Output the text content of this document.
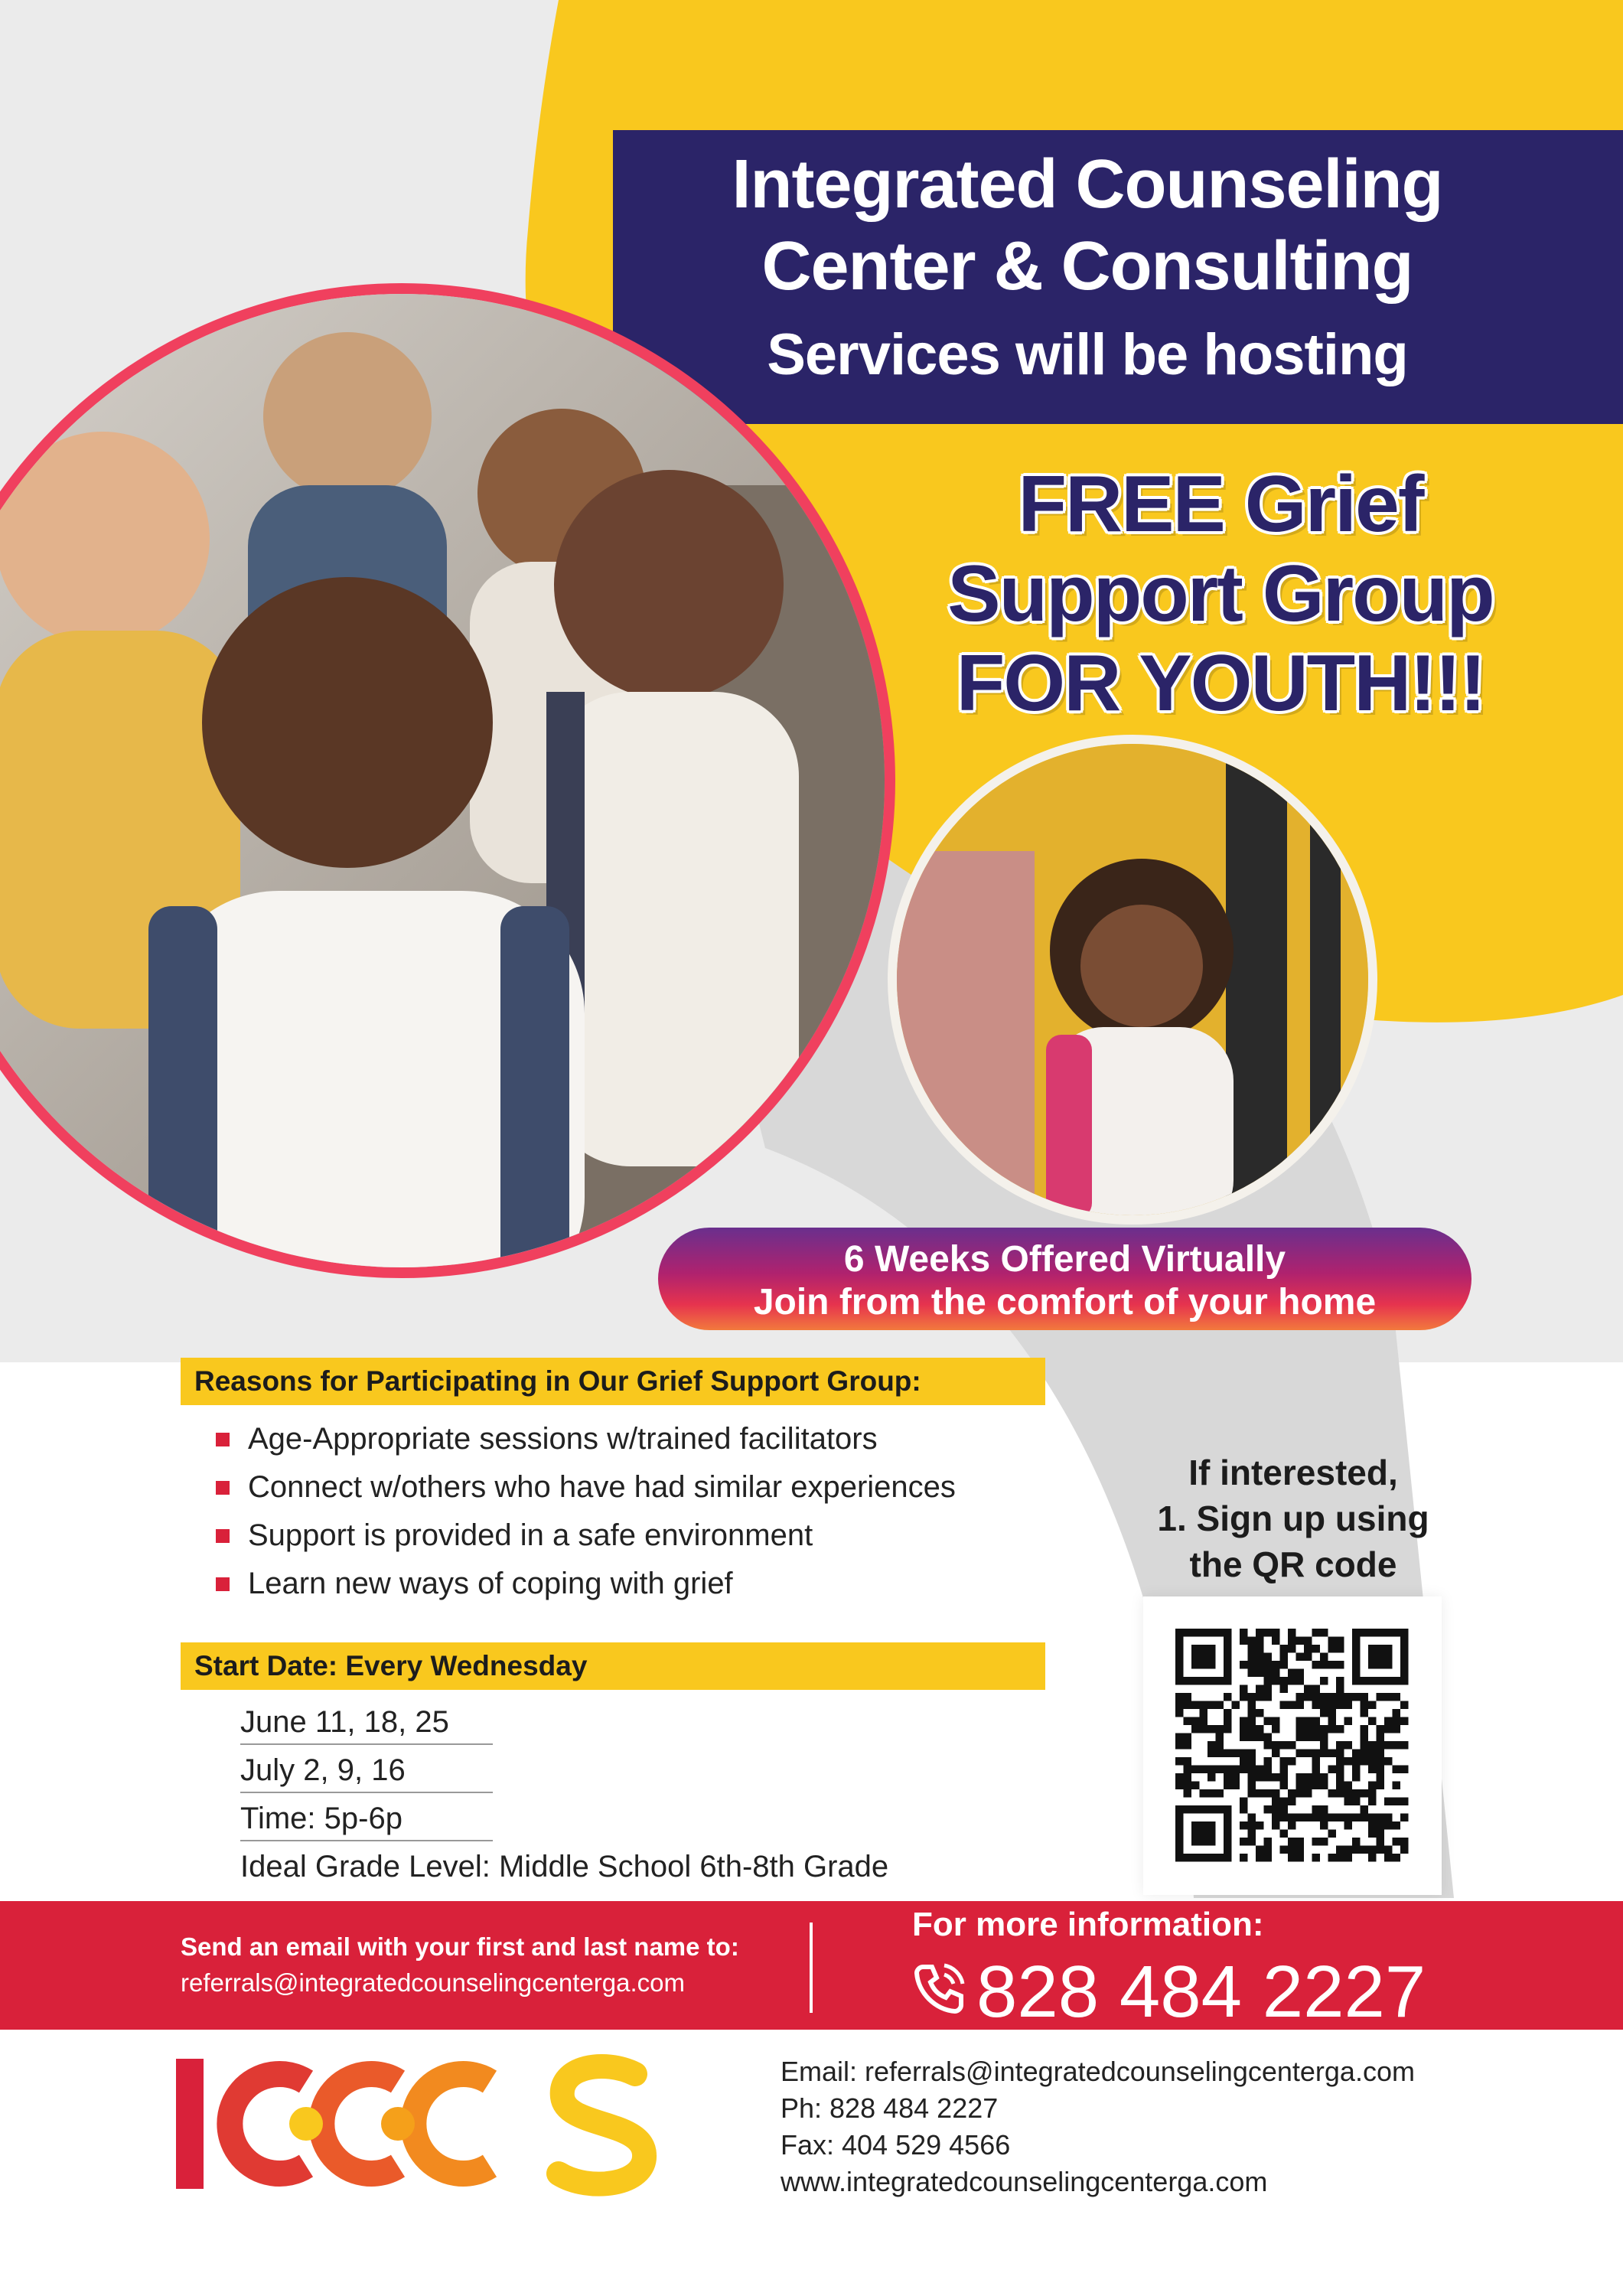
Integrated Counseling
Center & Consulting
Services will be hosting
FREE Grief
Support Group
FOR YOUTH!!!
6 Weeks Offered Virtually
Join from the comfort of your home
Reasons for Participating in Our Grief Support Group:
Age-Appropriate sessions w/trained facilitators
Connect w/others who have had similar experiences
Support is provided in a safe environment
Learn new ways of coping with grief
Start Date: Every Wednesday
June 11, 18, 25
July 2, 9, 16
Time: 5p-6p
Ideal Grade Level: Middle School 6th-8th Grade
If interested,
1. Sign up using
the QR code
Send an email with your first and last name to:
referrals@integratedcounselingcenterga.com
For more information:
828 484 2227
Email: referrals@integratedcounselingcenterga.com
Ph: 828 484 2227
Fax: 404 529 4566
www.integratedcounselingcenterga.com
